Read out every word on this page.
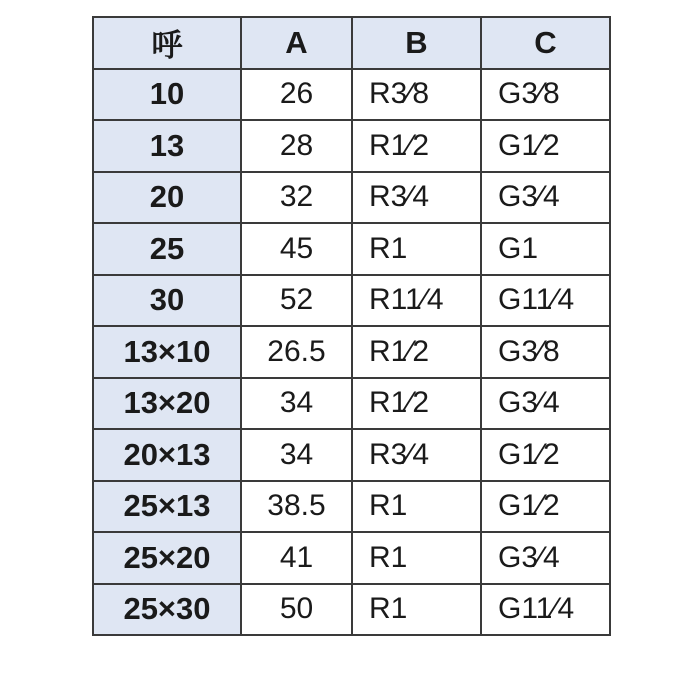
呼	A	B	C
10	26	R3⁄8	G3⁄8
13	28	R1⁄2	G1⁄2
20	32	R3⁄4	G3⁄4
25	45	R1	G1
30	52	R11⁄4	G11⁄4
13×10	26.5	R1⁄2	G3⁄8
13×20	34	R1⁄2	G3⁄4
20×13	34	R3⁄4	G1⁄2
25×13	38.5	R1	G1⁄2
25×20	41	R1	G3⁄4
25×30	50	R1	G11⁄4
